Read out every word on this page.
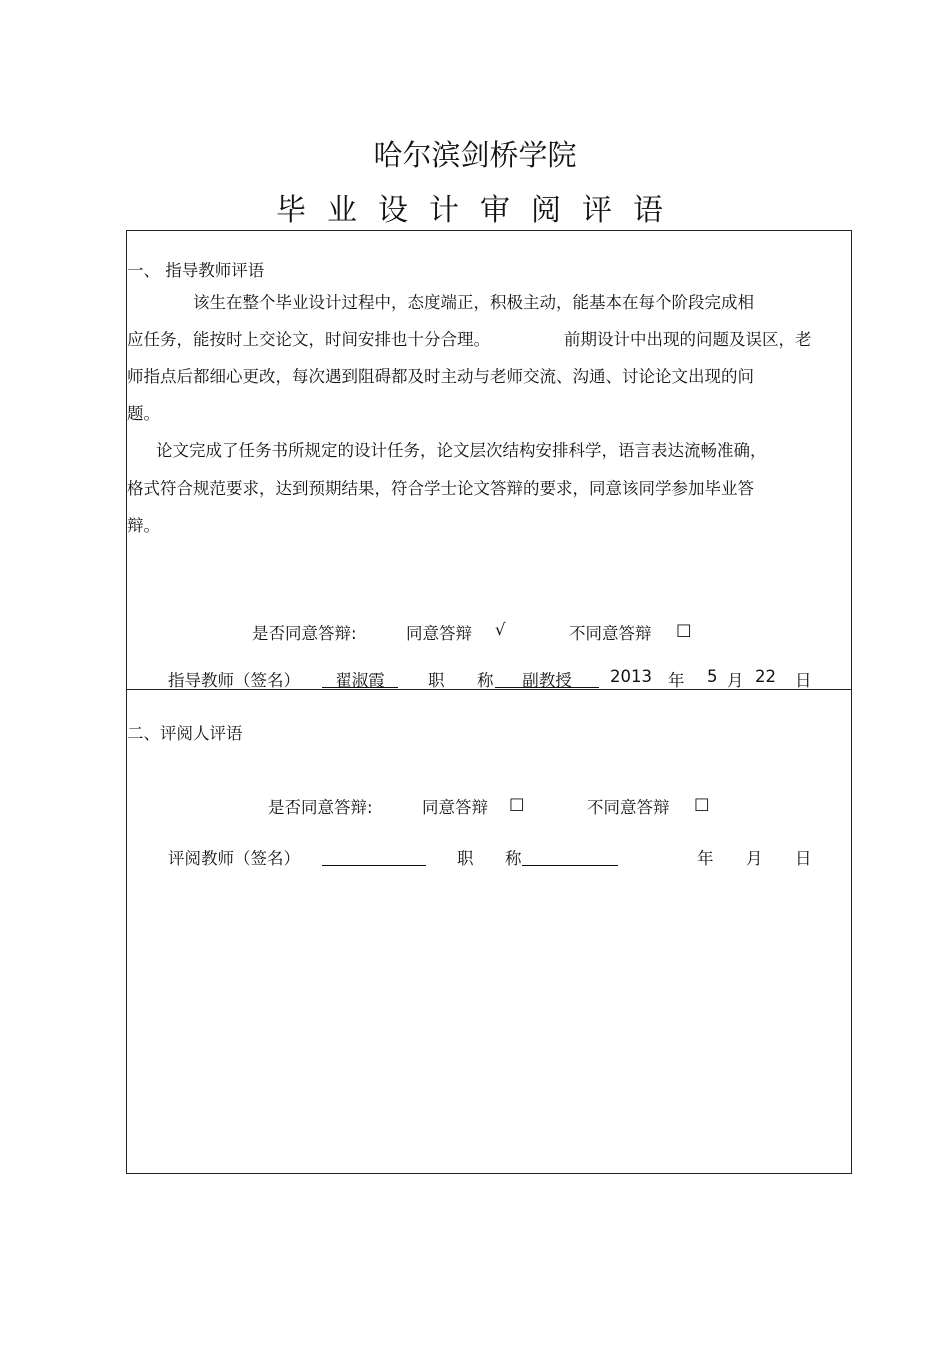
哈尔滨剑桥学院
毕业设计审阅评语
一、 指导教师评语
该生在整个毕业设计过程中，态度端正，积极主动，能基本在每个阶段完成相
应任务，能按时上交论文，时间安排也十分合理。	前期设计中出现的问题及误区，老
师指点后都细心更改，每次遇到阻碍都及时主动与老师交流、沟通、讨论论文出现的问
题。
论文完成了任务书所规定的设计任务，论文层次结构安排科学，语言表达流畅准确，
格式符合规范要求，达到预期结果，符合学士论文答辩的要求，同意该同学参加毕业答
辩。
是否同意答辩:	同意答辩 √	不同意答辩 □
指导教师（签名）	翟淑霞	职 称	副教授	2013 年 5 月 22 日
二、评阅人评语
是否同意答辩:	同意答辩 □	不同意答辩 □
评阅教师（签名）	职 称	年 月 日
